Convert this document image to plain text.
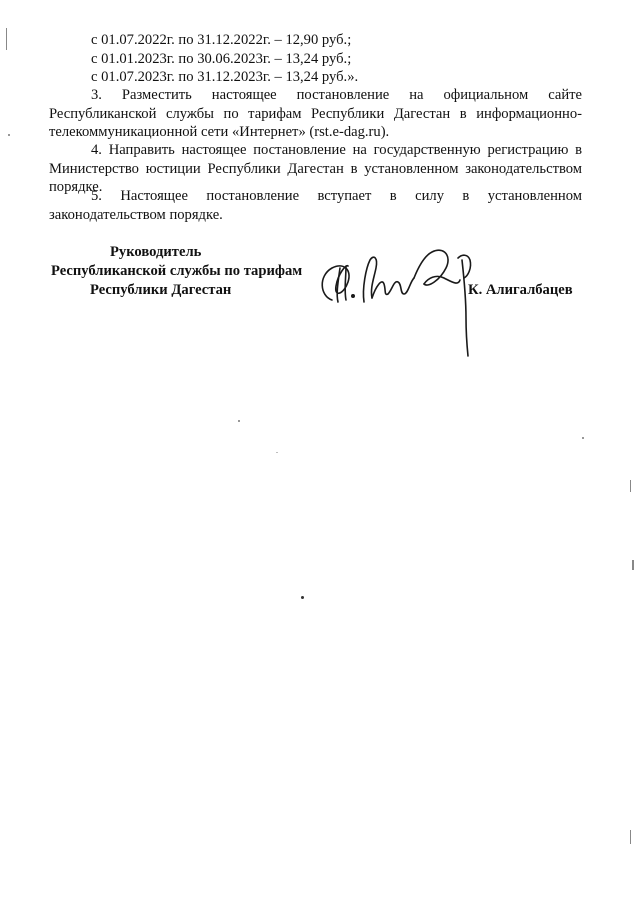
с 01.07.2022г. по 31.12.2022г. – 12,90 руб.;
с 01.01.2023г. по 30.06.2023г. – 13,24 руб.;
с 01.07.2023г. по 31.12.2023г. – 13,24 руб.».
3. Разместить настоящее постановление на официальном сайте
Республиканской службы по тарифам Республики Дагестан в информационно-
телекоммуникационной сети «Интернет» (rst.e-dag.ru).
4. Направить настоящее постановление на государственную регистрацию в
Министерство юстиции Республики Дагестан в установленном законодательством
порядке.
5. Настоящее постановление вступает в силу в установленном
законодательством порядке.
Руководитель
Республиканской службы по тарифам
Республики Дагестан	К. Алигалбацев
